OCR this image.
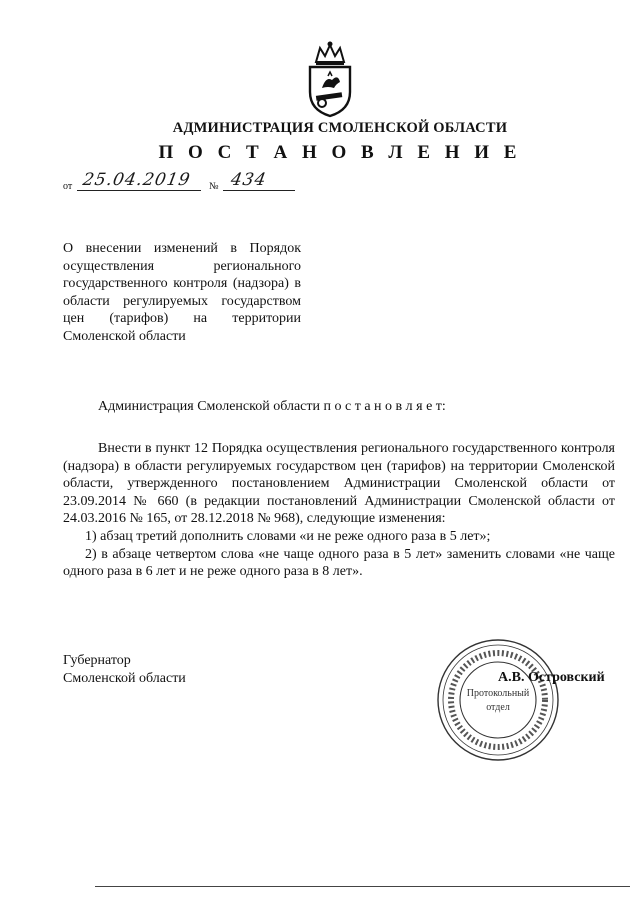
АДМИНИСТРАЦИЯ СМОЛЕНСКОЙ ОБЛАСТИ
П О С Т А Н О В Л Е Н И Е
от 25.04.2019 № 434
О внесении изменений в Порядок осуществления регионального государственного контроля (надзора) в области регулируемых государством цен (тарифов) на территории Смоленской области
Администрация Смоленской области п о с т а н о в л я е т:

Внести в пункт 12 Порядка осуществления регионального государственного контроля (надзора) в области регулируемых государством цен (тарифов) на территории Смоленской области, утвержденного постановлением Администрации Смоленской области от 23.09.2014 № 660 (в редакции постановлений Администрации Смоленской области от 24.03.2016 № 165, от 28.12.2018 № 968), следующие изменения:

1) абзац третий дополнить словами «и не реже одного раза в 5 лет»;

2) в абзаце четвертом слова «не чаще одного раза в 5 лет» заменить словами «не чаще одного раза в 6 лет и не реже одного раза в 8 лет».

Губернатор
Смоленской области
Протокольный
отдел
А.В. Островский
